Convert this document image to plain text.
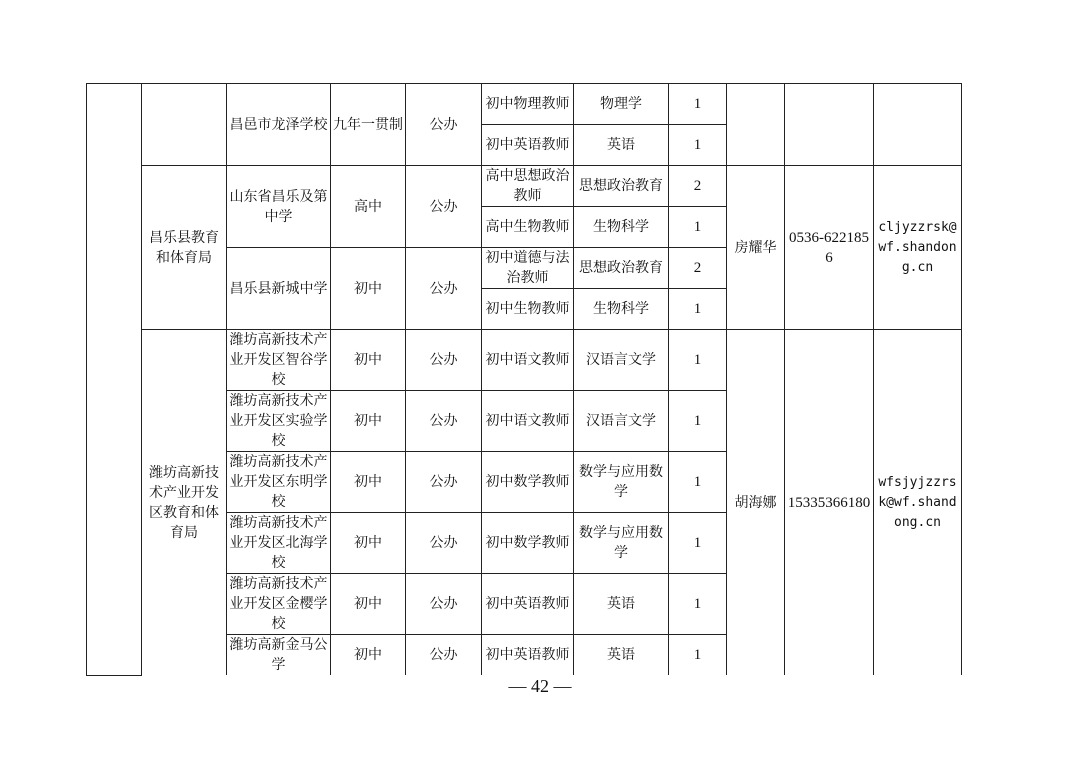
		昌邑市龙泽学校	九年一贯制	公办	初中物理教师	物理学	1			
					初中英语教师	英语	1			
	昌乐县教育和体育局	山东省昌乐及第中学	高中	公办	高中思想政治教师	思想政治教育	2	房耀华	0536-6221856	cljyzzrsk@wf.shandong.cn
					高中生物教师	生物科学	1			
		昌乐县新城中学	初中	公办	初中道德与法治教师	思想政治教育	2			
					初中生物教师	生物科学	1			
	潍坊高新技术产业开发区教育和体育局	潍坊高新技术产业开发区智谷学校	初中	公办	初中语文教师	汉语言文学	1	胡海娜	15335366180	wfsjyjzzrsk@wf.shandong.cn
		潍坊高新技术产业开发区实验学校	初中	公办	初中语文教师	汉语言文学	1			
		潍坊高新技术产业开发区东明学校	初中	公办	初中数学教师	数学与应用数学	1			
		潍坊高新技术产业开发区北海学校	初中	公办	初中数学教师	数学与应用数学	1			
		潍坊高新技术产业开发区金樱学校	初中	公办	初中英语教师	英语	1			
		潍坊高新金马公学	初中	公办	初中英语教师	英语	1			
— 42 —
